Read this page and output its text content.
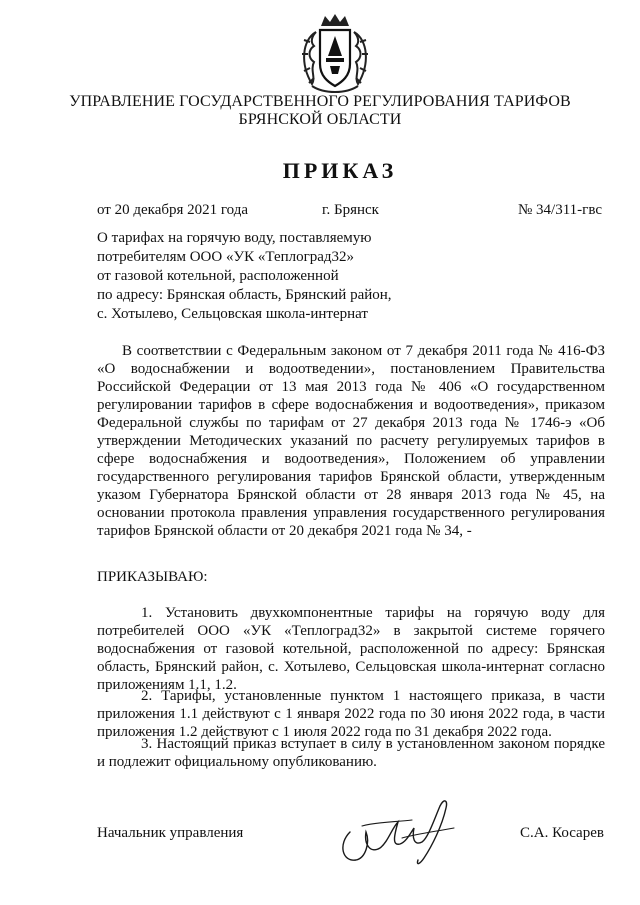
УПРАВЛЕНИЕ ГОСУДАРСТВЕННОГО РЕГУЛИРОВАНИЯ ТАРИФОВ
БРЯНСКОЙ ОБЛАСТИ
ПРИКАЗ
от 20 декабря 2021 года	г. Брянск	№ 34/311-гвс
О тарифах на горячую воду, поставляемую
потребителям ООО «УК «Теплоград32»
от газовой котельной, расположенной
по адресу: Брянская область, Брянский район,
с. Хотылево, Сельцовская школа-интернат
В соответствии с Федеральным законом от 7 декабря 2011 года № 416-ФЗ «О водоснабжении и водоотведении», постановлением Правительства Российской Федерации от 13 мая 2013 года № 406 «О государственном регулировании тарифов в сфере водоснабжения и водоотведения», приказом Федеральной службы по тарифам от 27 декабря 2013 года № 1746-э «Об утверждении Методических указаний по расчету регулируемых тарифов в сфере водоснабжения и водоотведения», Положением об управлении государственного регулирования тарифов Брянской области, утвержденным указом Губернатора Брянской области от 28 января 2013 года № 45, на основании протокола правления управления государственного регулирования тарифов Брянской области от 20 декабря 2021 года № 34, -
ПРИКАЗЫВАЮ:
1. Установить двухкомпонентные тарифы на горячую воду для потребителей ООО «УК «Теплоград32» в закрытой системе горячего водоснабжения от газовой котельной, расположенной по адресу: Брянская область, Брянский район, с. Хотылево, Сельцовская школа-интернат согласно приложениям 1.1, 1.2.
2. Тарифы, установленные пунктом 1 настоящего приказа, в части приложения 1.1 действуют с 1 января 2022 года по 30 июня 2022 года, в части приложения 1.2 действуют с 1 июля 2022 года по 31 декабря 2022 года.
3. Настоящий приказ вступает в силу в установленном законом порядке и подлежит официальному опубликованию.
Начальник управления	С.А. Косарев
